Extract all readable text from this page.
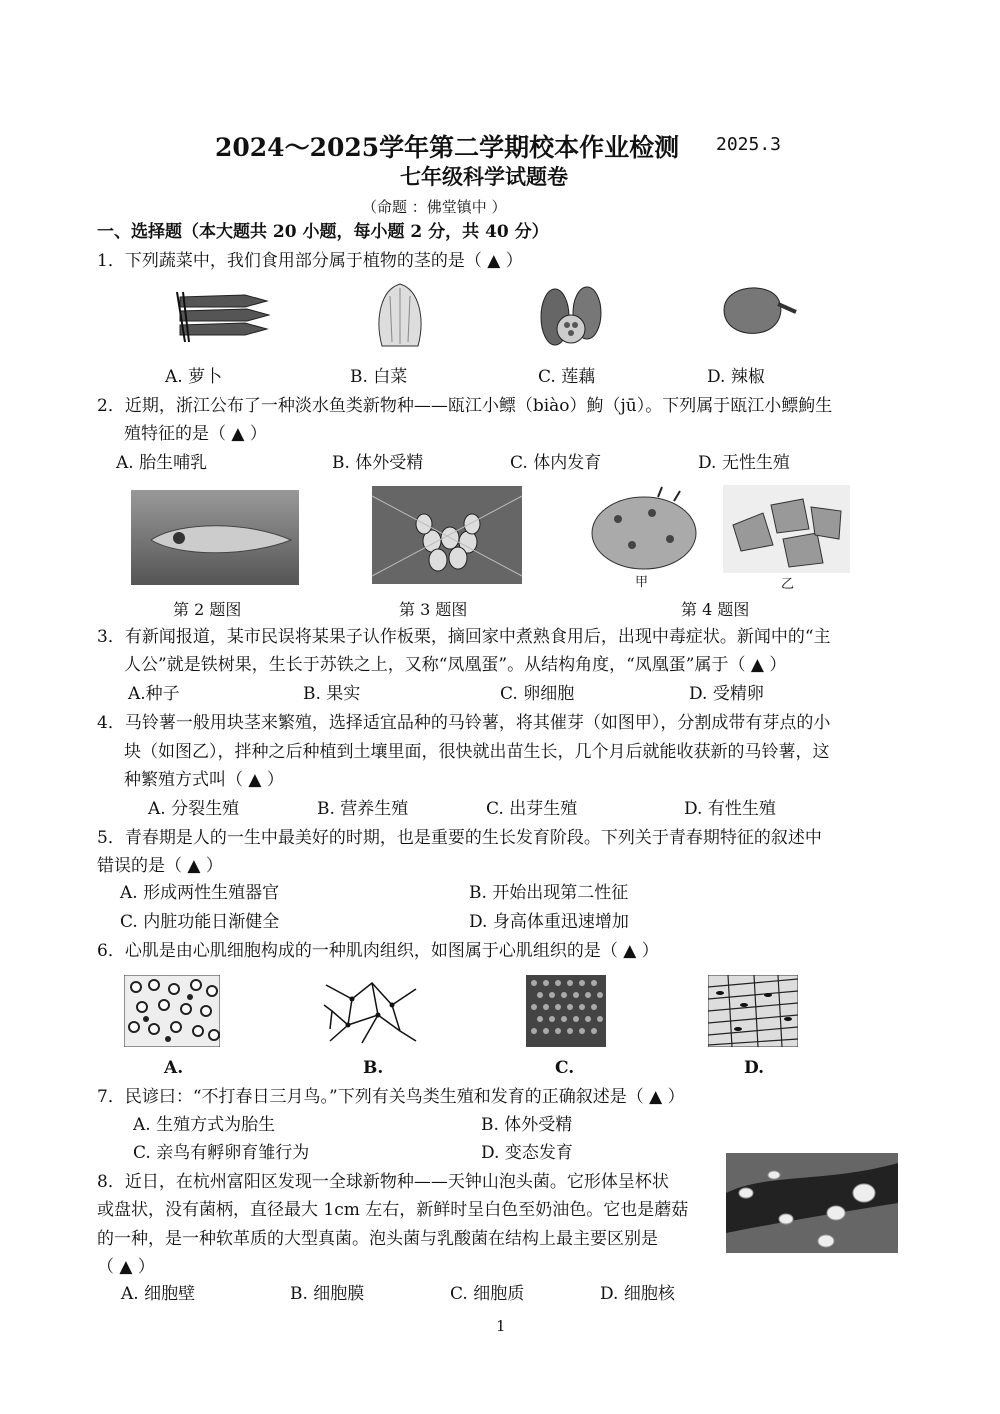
2024～2025学年第二学期校本作业检测 2025.3
七年级科学试题卷
（命题 ：佛堂镇中 ）
一、选择题（本大题共 20 小题，每小题 2 分，共 40 分）
1．下列蔬菜中，我们食用部分属于植物的茎的是（ ▲ ）
A. 萝卜	B. 白菜	C. 莲藕	D. 辣椒
2．近期，浙江公布了一种淡水鱼类新物种——瓯江小鳔（biào）鮈（jū）。下列属于瓯江小鳔鮈生
殖特征的是（ ▲ ）
A. 胎生哺乳	B. 体外受精	C. 体内发育	D. 无性生殖
甲	乙
第 2 题图	第 3 题图	第 4 题图
3．有新闻报道，某市民误将某果子认作板栗，摘回家中煮熟食用后，出现中毒症状。新闻中的“主
人公”就是铁树果，生长于苏铁之上，又称“凤凰蛋”。从结构角度，“凤凰蛋”属于（ ▲ ）
A.种子	B. 果实	C. 卵细胞	D. 受精卵
4．马铃薯一般用块茎来繁殖，选择适宜品种的马铃薯，将其催芽（如图甲），分割成带有芽点的小
块（如图乙），拌种之后种植到土壤里面，很快就出苗生长，几个月后就能收获新的马铃薯，这
种繁殖方式叫（ ▲ ）
A. 分裂生殖	B. 营养生殖	C. 出芽生殖	D. 有性生殖
5．青春期是人的一生中最美好的时期，也是重要的生长发育阶段。下列关于青春期特征的叙述中
错误的是（ ▲ ）
A. 形成两性生殖器官	B. 开始出现第二性征
C. 内脏功能日渐健全	D. 身高体重迅速增加
6．心肌是由心肌细胞构成的一种肌肉组织，如图属于心肌组织的是（ ▲ ）
A.	B.	C.	D.
7．民谚曰：“不打春日三月鸟。”下列有关鸟类生殖和发育的正确叙述是（ ▲ ）
A. 生殖方式为胎生	B. 体外受精
C. 亲鸟有孵卵育雏行为	D. 变态发育
8．近日，在杭州富阳区发现一全球新物种——天钟山泡头菌。它形体呈杯状
或盘状，没有菌柄，直径最大 1cm 左右，新鲜时呈白色至奶油色。它也是蘑菇
的一种，是一种软革质的大型真菌。泡头菌与乳酸菌在结构上最主要区别是
（ ▲ ）
A. 细胞壁	B. 细胞膜	C. 细胞质	D. 细胞核
1
